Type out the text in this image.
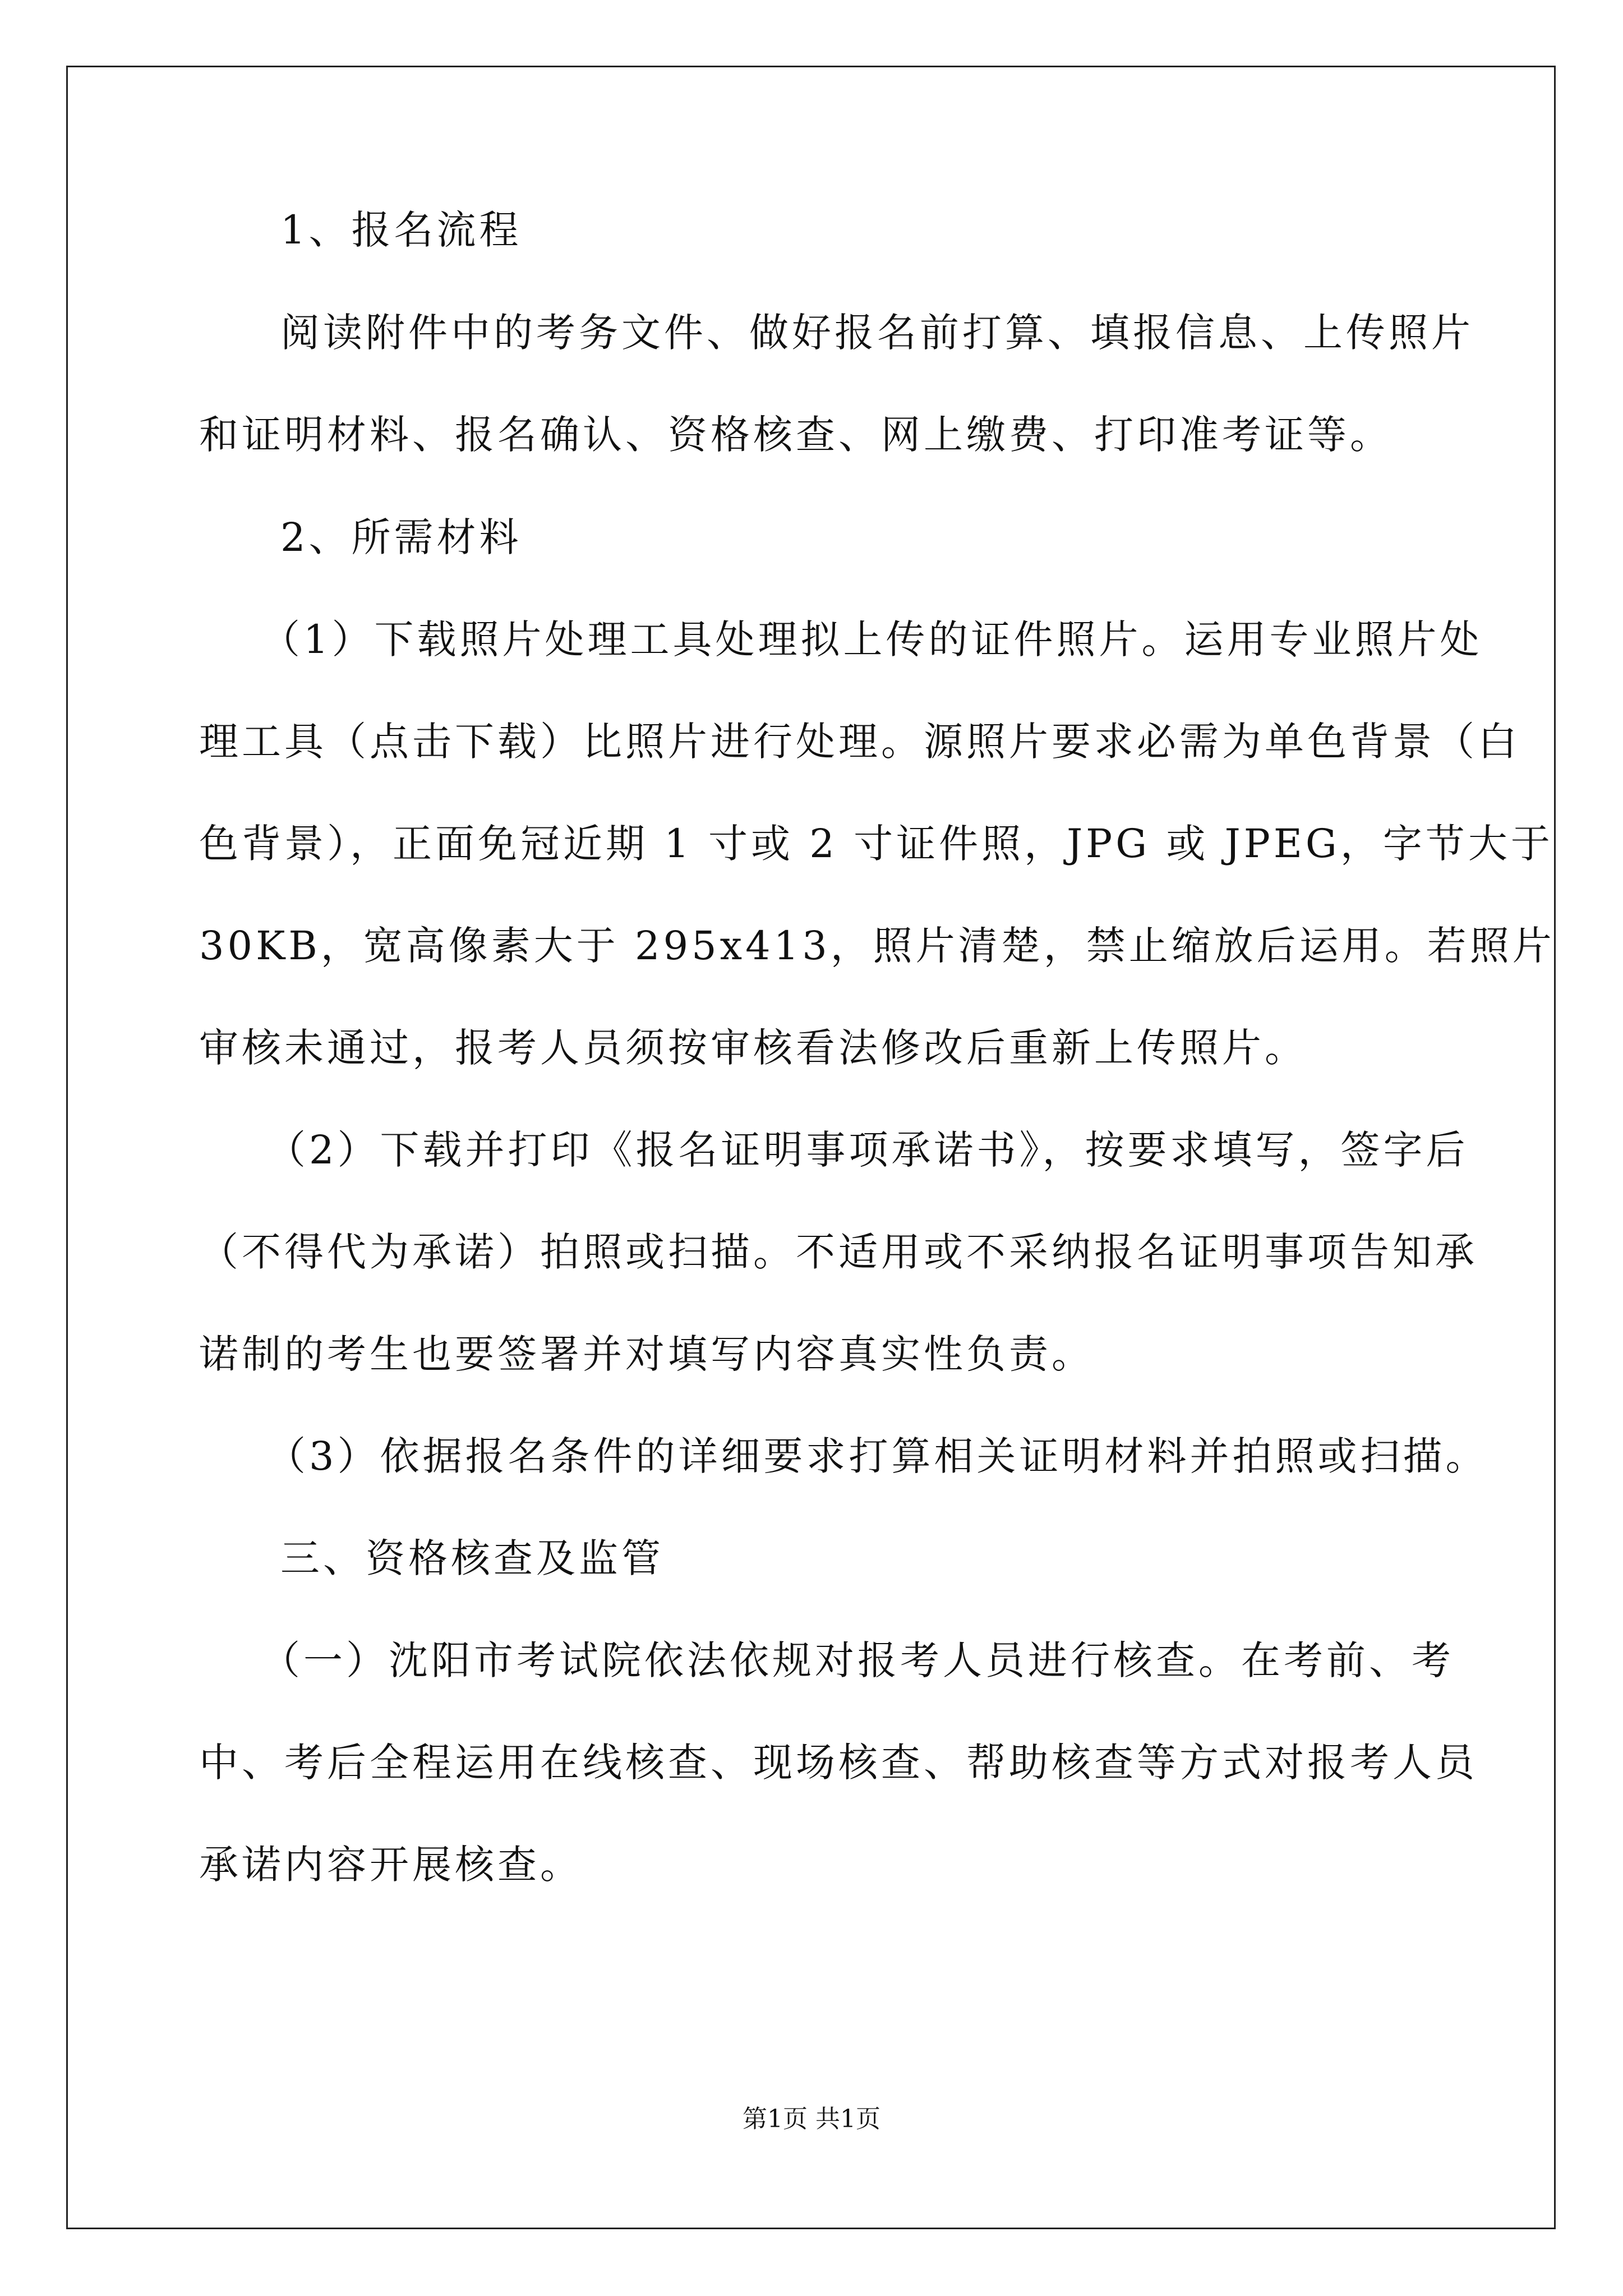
1、报名流程
阅读附件中的考务文件、做好报名前打算、填报信息、上传照片
和证明材料、报名确认、资格核查、网上缴费、打印准考证等。
2、所需材料
（1）下载照片处理工具处理拟上传的证件照片。运用专业照片处
理工具（点击下载）比照片进行处理。源照片要求必需为单色背景（白
色背景），正面免冠近期 1 寸或 2 寸证件照，JPG 或 JPEG，字节大于
30KB，宽高像素大于 295x413，照片清楚，禁止缩放后运用。若照片
审核未通过，报考人员须按审核看法修改后重新上传照片。
（2）下载并打印《报名证明事项承诺书》，按要求填写，签字后
（不得代为承诺）拍照或扫描。不适用或不采纳报名证明事项告知承
诺制的考生也要签署并对填写内容真实性负责。
（3）依据报名条件的详细要求打算相关证明材料并拍照或扫描。
三、资格核查及监管
（一）沈阳市考试院依法依规对报考人员进行核查。在考前、考
中、考后全程运用在线核查、现场核查、帮助核查等方式对报考人员
承诺内容开展核查。
第1页 共1页
